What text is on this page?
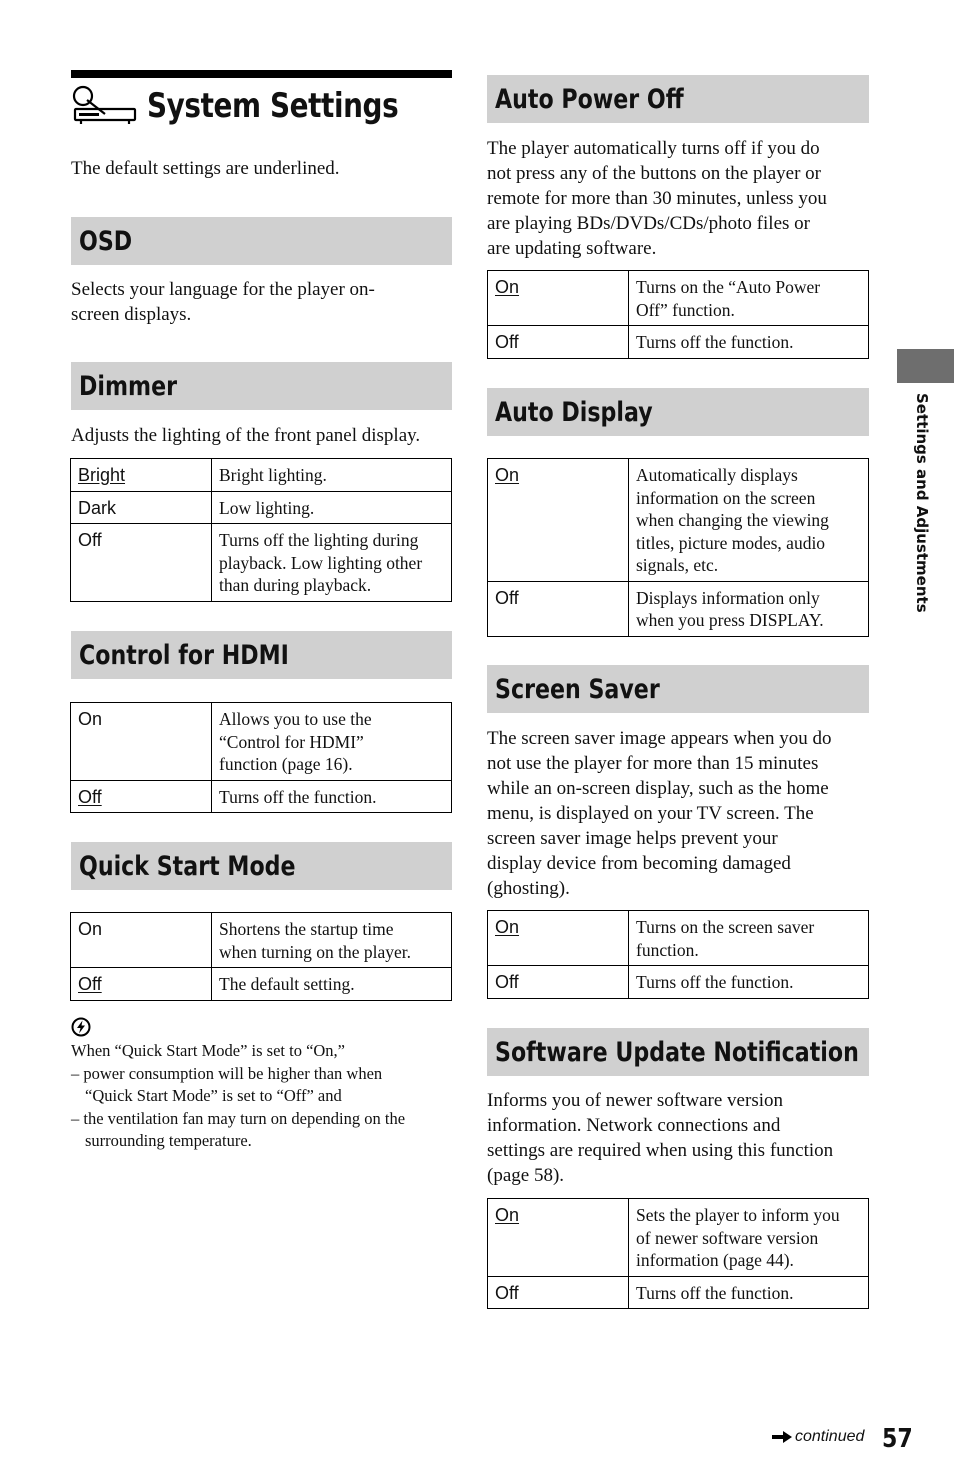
System Settings

The default settings are underlined.

OSD

Selects your language for the player on-
screen displays.

Dimmer

Adjusts the lighting of the front panel display.

Bright	Bright lighting.
Dark	Low lighting.
Off	Turns off the lighting during
playback. Low lighting other
than during playback.
Control for HDMI
On	Allows you to use the
“Control for HDMI”
function (page 16).
Off	Turns off the function.
Quick Start Mode
On	Shortens the startup time
when turning on the player.
Off	The default setting.
When “Quick Start Mode” is set to “On,”
– power consumption will be higher than when
“Quick Start Mode” is set to “Off” and
– the ventilation fan may turn on depending on the
surrounding temperature.
Auto Power Off

The player automatically turns off if you do
not press any of the buttons on the player or
remote for more than 30 minutes, unless you
are playing BDs/DVDs/CDs/photo files or
are updating software.

On	Turns on the “Auto Power
Off” function.
Off	Turns off the function.
Auto Display
On	Automatically displays
information on the screen
when changing the viewing
titles, picture modes, audio
signals, etc.
Off	Displays information only
when you press DISPLAY.
Screen Saver

The screen saver image appears when you do
not use the player for more than 15 minutes
while an on-screen display, such as the home
menu, is displayed on your TV screen. The
screen saver image helps prevent your
display device from becoming damaged
(ghosting).

On	Turns on the screen saver
function.
Off	Turns off the function.
Software Update Notification

Informs you of newer software version
information. Network connections and
settings are required when using this function
(page 58).

On	Sets the player to inform you
of newer software version
information (page 44).
Off	Turns off the function.
Settings and Adjustments
continued 57
